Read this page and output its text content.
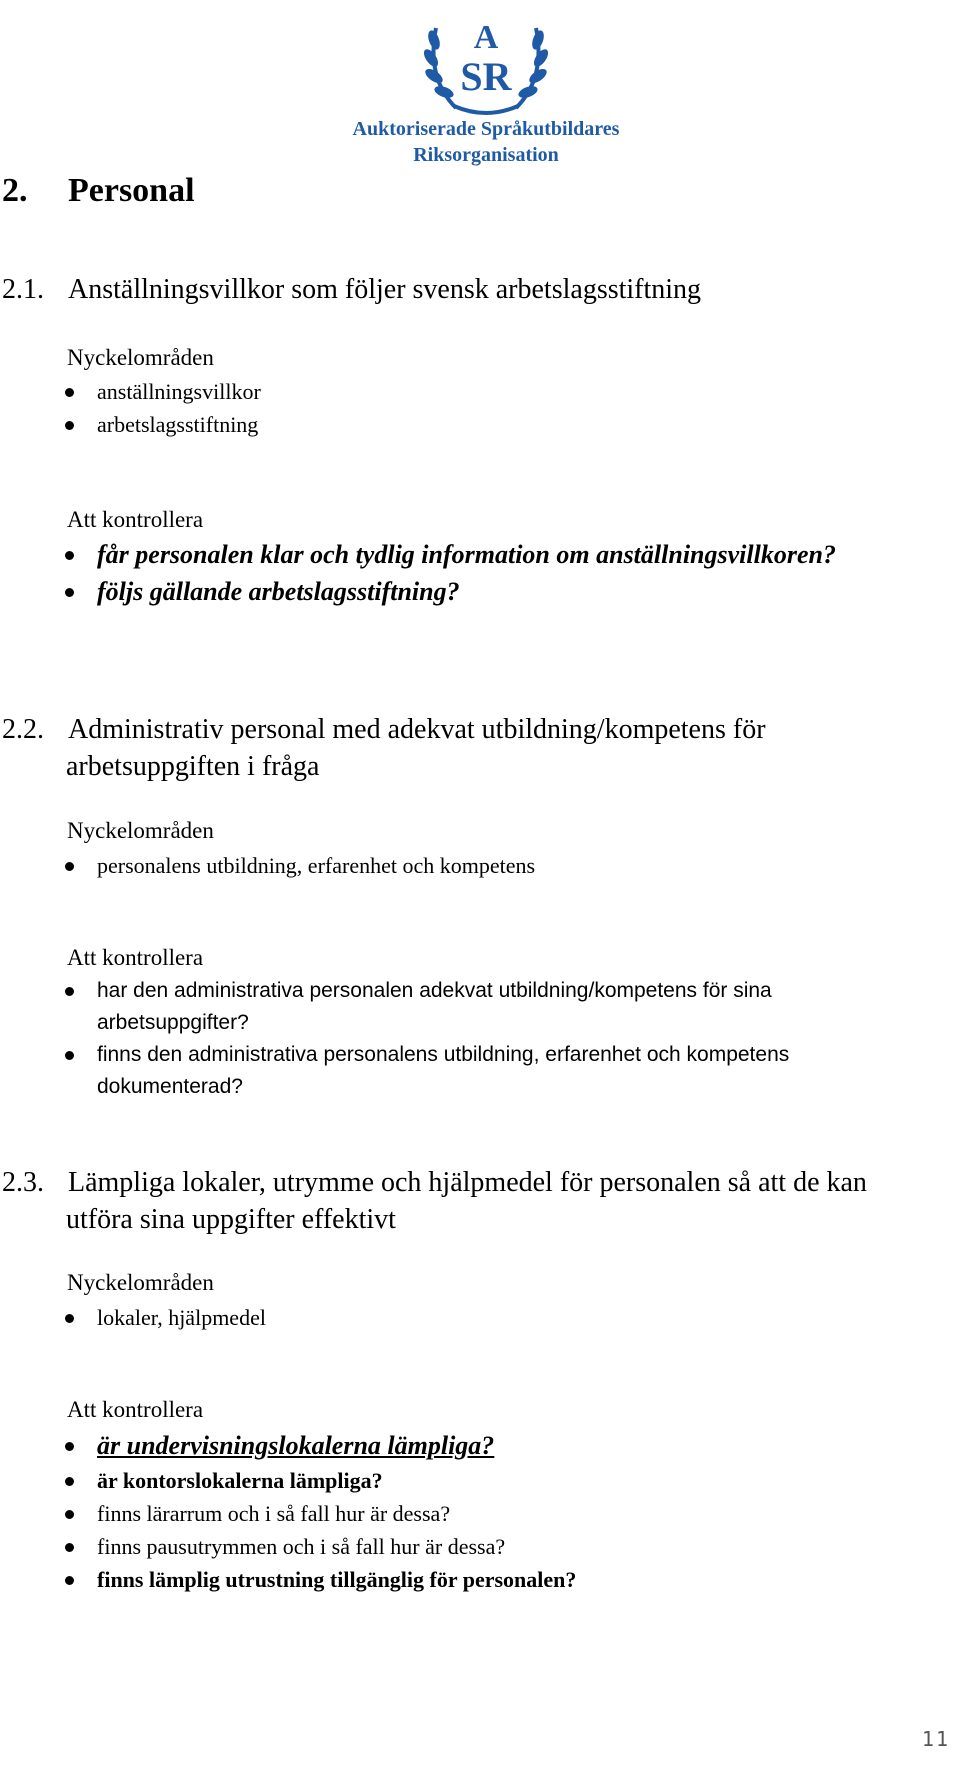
A
SR
Auktoriserade Språkutbildares
Riksorganisation
2. Personal
2.1. Anställningsvillkor som följer svensk arbetslagsstiftning
Nyckelområden
anställningsvillkor
arbetslagsstiftning
Att kontrollera
får personalen klar och tydlig information om anställningsvillkoren?
följs gällande arbetslagsstiftning?
2.2. Administrativ personal med adekvat utbildning/kompetens för
arbetsuppgiften i fråga
Nyckelområden
personalens utbildning, erfarenhet och kompetens
Att kontrollera
har den administrativa personalen adekvat utbildning/kompetens för sina arbetsuppgifter?
finns den administrativa personalens utbildning, erfarenhet och kompetens dokumenterad?
2.3. Lämpliga lokaler, utrymme och hjälpmedel för personalen så att de kan
utföra sina uppgifter effektivt
Nyckelområden
lokaler, hjälpmedel
Att kontrollera
är undervisningslokalerna lämpliga?
är kontorslokalerna lämpliga?
finns lärarrum och i så fall hur är dessa?
finns pausutrymmen och i så fall hur är dessa?
finns lämplig utrustning tillgänglig för personalen?
11
